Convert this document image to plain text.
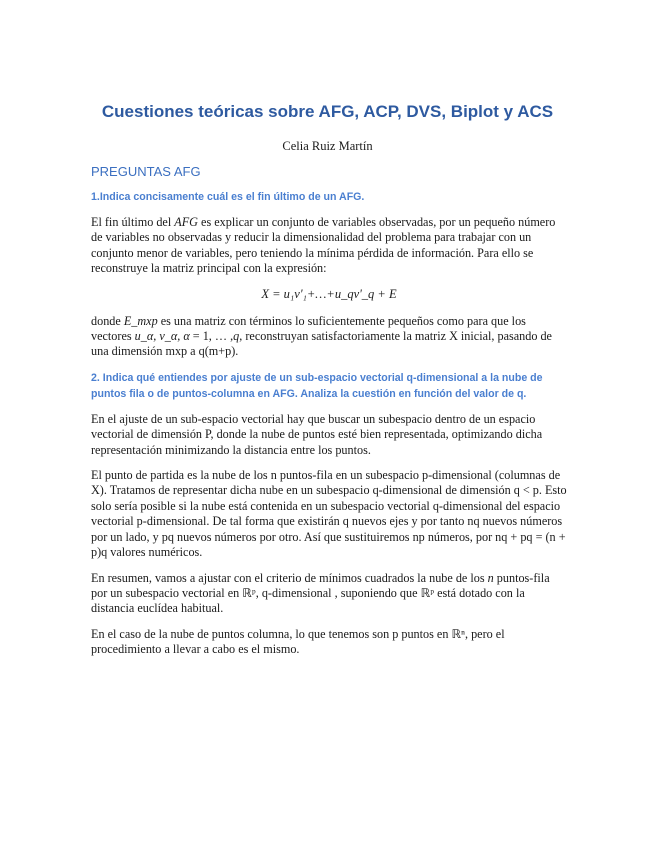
Cuestiones teóricas sobre AFG, ACP, DVS, Biplot y ACS
Celia Ruiz Martín
PREGUNTAS AFG
1.Indica concisamente cuál es el fin último de un AFG.

El fin último del AFG es explicar un conjunto de variables observadas, por un pequeño número de variables no observadas y reducir la dimensionalidad del problema para trabajar con un conjunto menor de variables, pero teniendo la mínima pérdida de información. Para ello se reconstruye la matriz principal con la expresión:

X = u₁v'₁+…+u_qv'_q + E

donde E_mxp es una matriz con términos lo suficientemente pequeños como para que los vectores u_α, v_α, α = 1, … ,q, reconstruyan satisfactoriamente la matriz X inicial, pasando de una dimensión mxp a q(m+p).

2. Indica qué entiendes por ajuste de un sub-espacio vectorial q-dimensional a la nube de puntos fila o de puntos-columna en AFG. Analiza la cuestión en función del valor de q.

En el ajuste de un sub-espacio vectorial hay que buscar un subespacio dentro de un espacio vectorial de dimensión P, donde la nube de puntos esté bien representada, optimizando dicha representación minimizando la distancia entre los puntos.

El punto de partida es la nube de los n puntos-fila en un subespacio p-dimensional (columnas de X). Tratamos de representar dicha nube en un subespacio q-dimensional de dimensión q < p. Esto solo sería posible si la nube está contenida en un subespacio vectorial q-dimensional del espacio vectorial p-dimensional. De tal forma que existirán q nuevos ejes y por tanto nq nuevos números por un lado, y pq nuevos números por otro. Así que sustituiremos np números, por nq + pq = (n + p)q valores numéricos.

En resumen, vamos a ajustar con el criterio de mínimos cuadrados la nube de los n puntos-fila por un subespacio vectorial en ℝᵖ, q-dimensional , suponiendo que ℝᵖ está dotado con la distancia euclídea habitual.

En el caso de la nube de puntos columna, lo que tenemos son p puntos en ℝⁿ, pero el procedimiento a llevar a cabo es el mismo.
